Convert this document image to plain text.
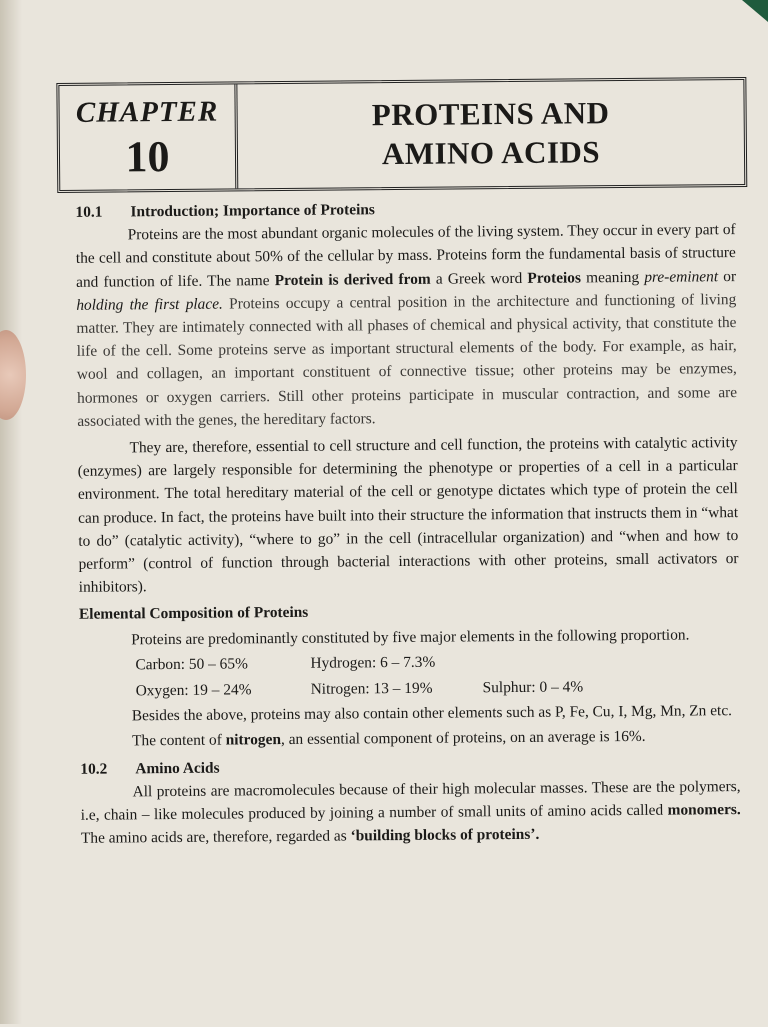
CHAPTER
10
PROTEINS AND
AMINO ACIDS
10.1 Introduction; Importance of Proteins

Proteins are the most abundant organic molecules of the living system. They occur in every part of the cell and constitute about 50% of the cellular by mass. Proteins form the fundamental basis of structure and function of life. The name Protein is derived from a Greek word Proteios meaning pre-eminent or holding the first place. Proteins occupy a central position in the architecture and functioning of living matter. They are intimately connected with all phases of chemical and physical activity, that constitute the life of the cell. Some proteins serve as important structural elements of the body. For example, as hair, wool and collagen, an important constituent of connective tissue; other proteins may be enzymes, hormones or oxygen carriers. Still other proteins participate in muscular contraction, and some are associated with the genes, the hereditary factors.

They are, therefore, essential to cell structure and cell function, the proteins with catalytic activity (enzymes) are largely responsible for determining the phenotype or properties of a cell in a particular environment. The total hereditary material of the cell or genotype dictates which type of protein the cell can produce. In fact, the proteins have built into their structure the information that instructs them in “what to do” (catalytic activity), “where to go” in the cell (intracellular organization) and “when and how to perform” (control of function through bacterial interactions with other proteins, small activators or inhibitors).

Elemental Composition of Proteins

Proteins are predominantly constituted by five major elements in the following proportion.

Carbon: 50 – 65%	Hydrogen: 6 – 7.3%
Oxygen: 19 – 24%	Nitrogen: 13 – 19%	Sulphur: 0 – 4%

Besides the above, proteins may also contain other elements such as P, Fe, Cu, I, Mg, Mn, Zn etc.

The content of nitrogen, an essential component of proteins, on an average is 16%.

10.2 Amino Acids

All proteins are macromolecules because of their high molecular masses. These are the polymers, i.e, chain – like molecules produced by joining a number of small units of amino acids called monomers. The amino acids are, therefore, regarded as ‘building blocks of proteins’.
